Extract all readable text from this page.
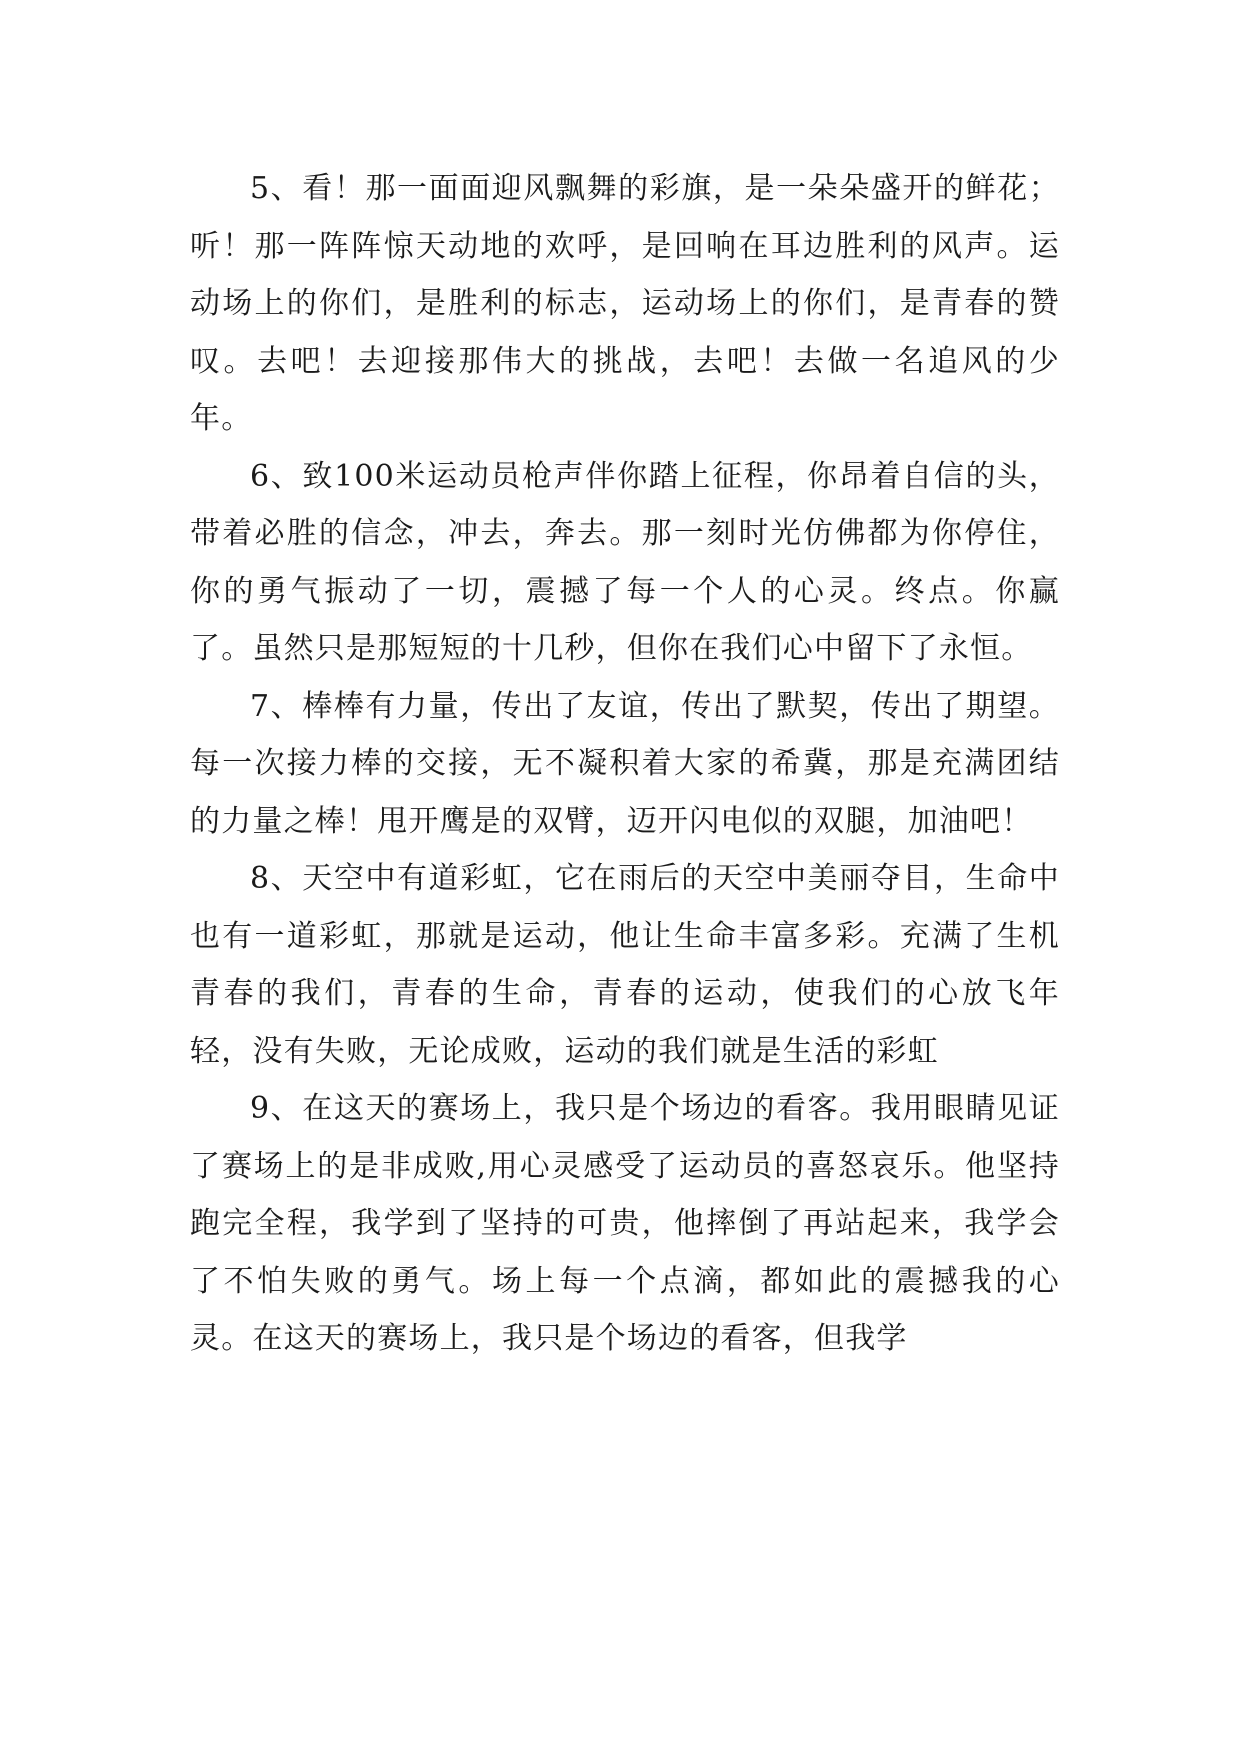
5、看！那一面面迎风飘舞的彩旗，是一朵朵盛开的鲜花；听！那一阵阵惊天动地的欢呼，是回响在耳边胜利的风声。运动场上的你们，是胜利的标志，运动场上的你们，是青春的赞叹。去吧！去迎接那伟大的挑战，去吧！去做一名追风的少年。

6、致100米运动员枪声伴你踏上征程，你昂着自信的头，带着必胜的信念，冲去，奔去。那一刻时光仿佛都为你停住，你的勇气振动了一切，震撼了每一个人的心灵。终点。你赢了。虽然只是那短短的十几秒，但你在我们心中留下了永恒。

7、棒棒有力量，传出了友谊，传出了默契，传出了期望。每一次接力棒的交接，无不凝积着大家的希冀，那是充满团结的力量之棒！甩开鹰是的双臂，迈开闪电似的双腿，加油吧！

8、天空中有道彩虹，它在雨后的天空中美丽夺目，生命中也有一道彩虹，那就是运动，他让生命丰富多彩。充满了生机青春的我们，青春的生命，青春的运动，使我们的心放飞年轻，没有失败，无论成败，运动的我们就是生活的彩虹

9、在这天的赛场上，我只是个场边的看客。我用眼睛见证了赛场上的是非成败,用心灵感受了运动员的喜怒哀乐。他坚持跑完全程，我学到了坚持的可贵，他摔倒了再站起来，我学会了不怕失败的勇气。场上每一个点滴，都如此的震撼我的心灵。在这天的赛场上，我只是个场边的看客，但我学
